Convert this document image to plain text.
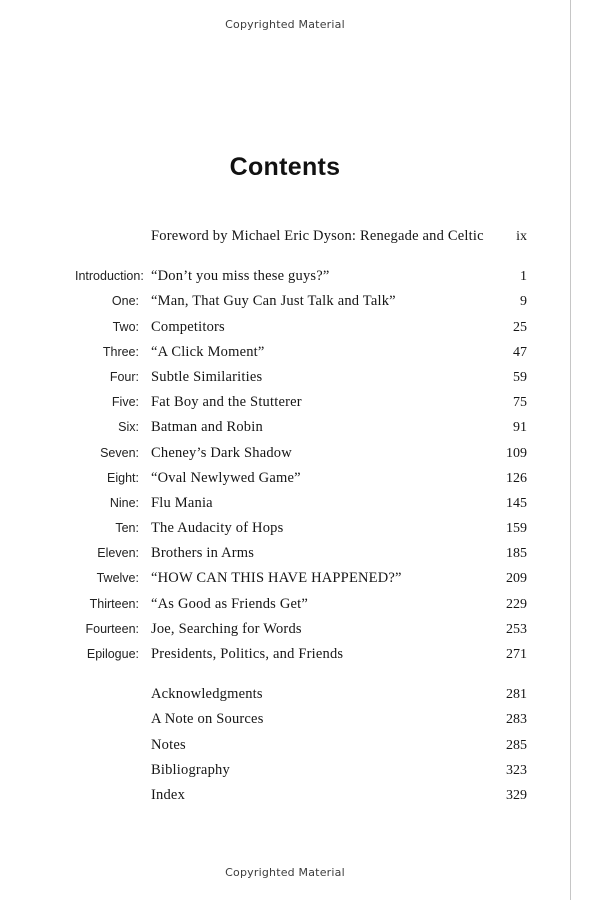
Copyrighted Material
Contents
Foreword by Michael Eric Dyson: Renegade and Celtic	ix
Introduction: “Don’t you miss these guys?”	1
One: “Man, That Guy Can Just Talk and Talk”	9
Two: Competitors	25
Three: “A Click Moment”	47
Four: Subtle Similarities	59
Five: Fat Boy and the Stutterer	75
Six: Batman and Robin	91
Seven: Cheney’s Dark Shadow	109
Eight: “Oval Newlywed Game”	126
Nine: Flu Mania	145
Ten: The Audacity of Hops	159
Eleven: Brothers in Arms	185
Twelve: “HOW CAN THIS HAVE HAPPENED?”	209
Thirteen: “As Good as Friends Get”	229
Fourteen: Joe, Searching for Words	253
Epilogue: Presidents, Politics, and Friends	271
Acknowledgments	281
A Note on Sources	283
Notes	285
Bibliography	323
Index	329
Copyrighted Material
